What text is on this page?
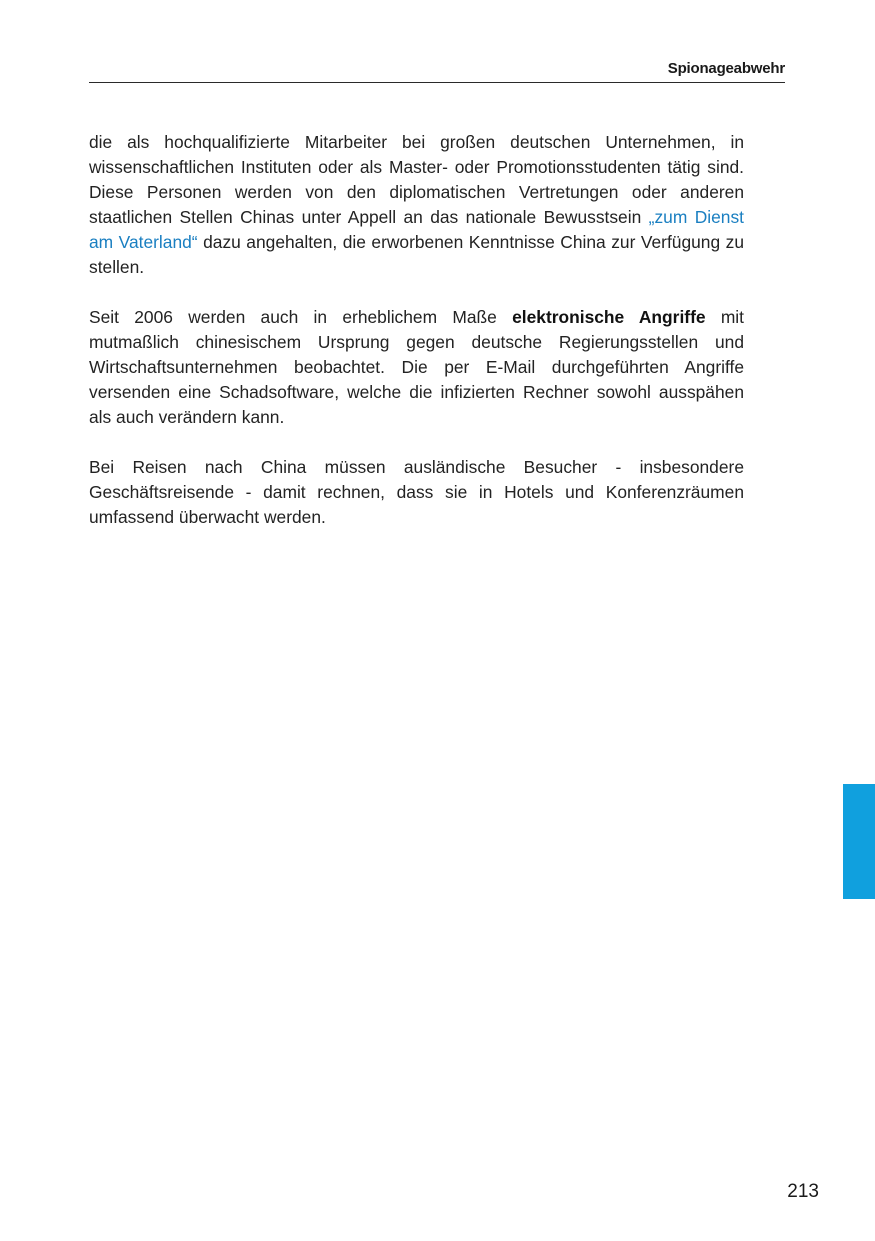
Spionageabwehr

die als hochqualifizierte Mitarbeiter bei großen deutschen Unternehmen, in wissenschaftlichen Instituten oder als Master- oder Promotionsstudenten tätig sind. Diese Personen werden von den diplomatischen Vertretungen oder anderen staatlichen Stellen Chinas unter Appell an das nationale Bewusstsein „zum Dienst am Vaterland“ dazu angehalten, die erworbenen Kenntnisse China zur Verfügung zu stellen.

Seit 2006 werden auch in erheblichem Maße elektronische Angriffe mit mutmaßlich chinesischem Ursprung gegen deutsche Regierungsstellen und Wirtschaftsunternehmen beobachtet. Die per E-Mail durchgeführten Angriffe versenden eine Schadsoftware, welche die infizierten Rechner sowohl ausspähen als auch verändern kann.

Bei Reisen nach China müssen ausländische Besucher - insbesondere Geschäftsreisende - damit rechnen, dass sie in Hotels und Konferenzräumen umfassend überwacht werden.

213
